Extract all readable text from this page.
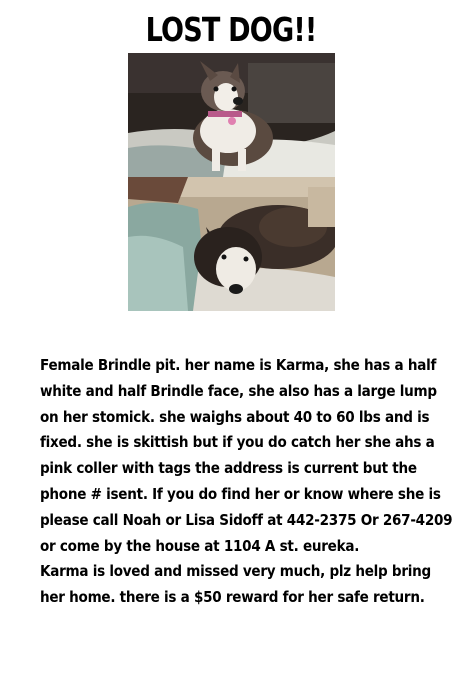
LOST DOG!!
Female Brindle pit. her name is Karma, she has a half
white and half Brindle face, she also has a large lump
on her stomick. she waighs about 40 to 60 lbs and is
fixed. she is skittish but if you do catch her she ahs a
pink coller with tags the address is current but the
phone # isent. If you do find her or know where she is
please call Noah or Lisa Sidoff at 442-2375 Or 267-4209
or come by the house at 1104 A st. eureka.
Karma is loved and missed very much, plz help bring
her home. there is a $50 reward for her safe return.
